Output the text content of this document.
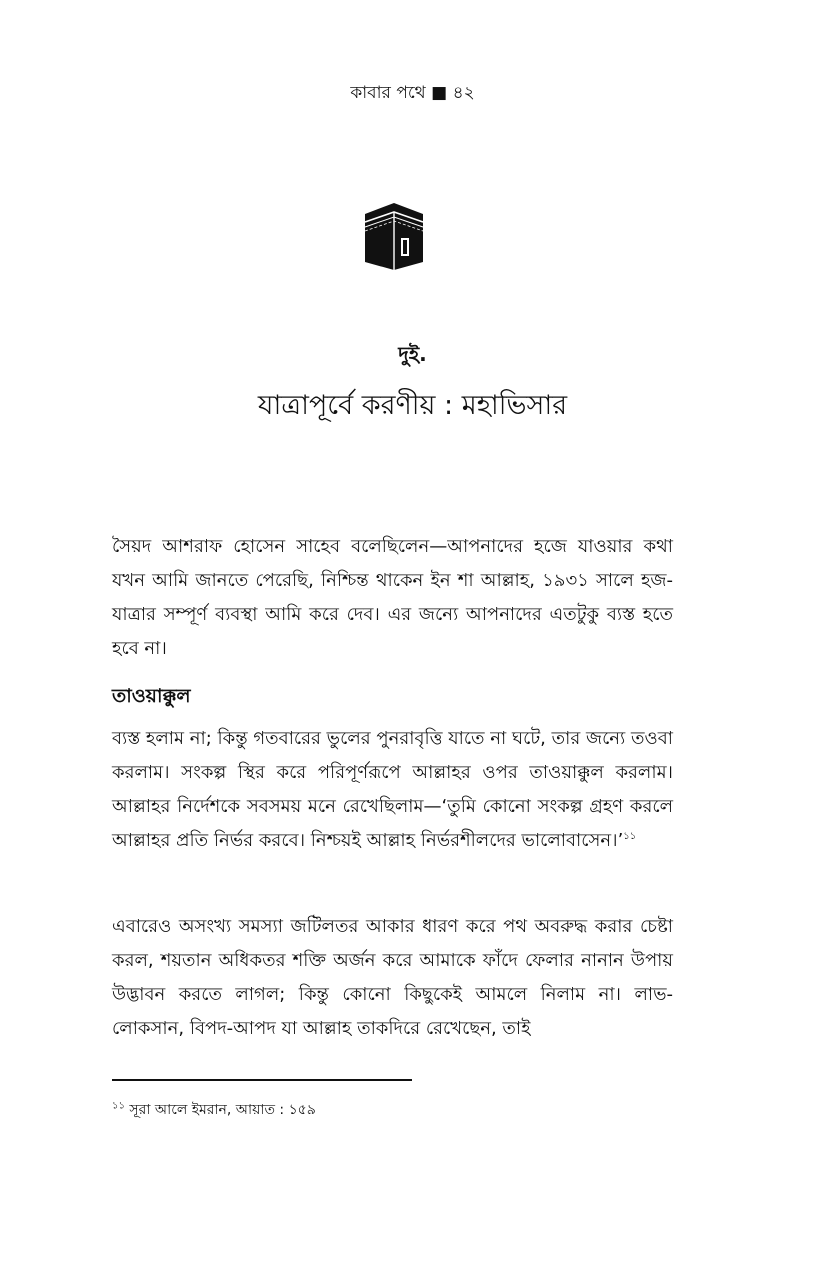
কাবার পথে ■ ৪২
দুই.
যাত্রাপূর্বে করণীয় : মহাভিসার

সৈয়দ আশরাফ হোসেন সাহেব বলেছিলেন—আপনাদের হজে যাওয়ার কথা যখন আমি জানতে পেরেছি, নিশ্চিন্ত থাকেন ইন শা আল্লাহ, ১৯৩১ সালে হজ-যাত্রার সম্পূর্ণ ব্যবস্থা আমি করে দেব। এর জন্যে আপনাদের এতটুকু ব্যস্ত হতে হবে না।

তাওয়াক্কুল

ব্যস্ত হলাম না; কিন্তু গতবারের ভুলের পুনরাবৃত্তি যাতে না ঘটে, তার জন্যে তওবা করলাম। সংকল্প স্থির করে পরিপূর্ণরূপে আল্লাহর ওপর তাওয়াক্কুল করলাম। আল্লাহর নির্দেশকে সবসময় মনে রেখেছিলাম—‘তুমি কোনো সংকল্প গ্রহণ করলে আল্লাহর প্রতি নির্ভর করবে। নিশ্চয়ই আল্লাহ নির্ভরশীলদের ভালোবাসেন।’$^{১১}$

এবারেও অসংখ্য সমস্যা জটিলতর আকার ধারণ করে পথ অবরুদ্ধ করার চেষ্টা করল, শয়তান অধিকতর শক্তি অর্জন করে আমাকে ফাঁদে ফেলার নানান উপায় উদ্ভাবন করতে লাগল; কিন্তু কোনো কিছুকেই আমলে নিলাম না। লাভ-লোকসান, বিপদ-আপদ যা আল্লাহ তাকদিরে রেখেছেন, তাই

$^{১১}$ সূরা আলে ইমরান, আয়াত : ১৫৯
